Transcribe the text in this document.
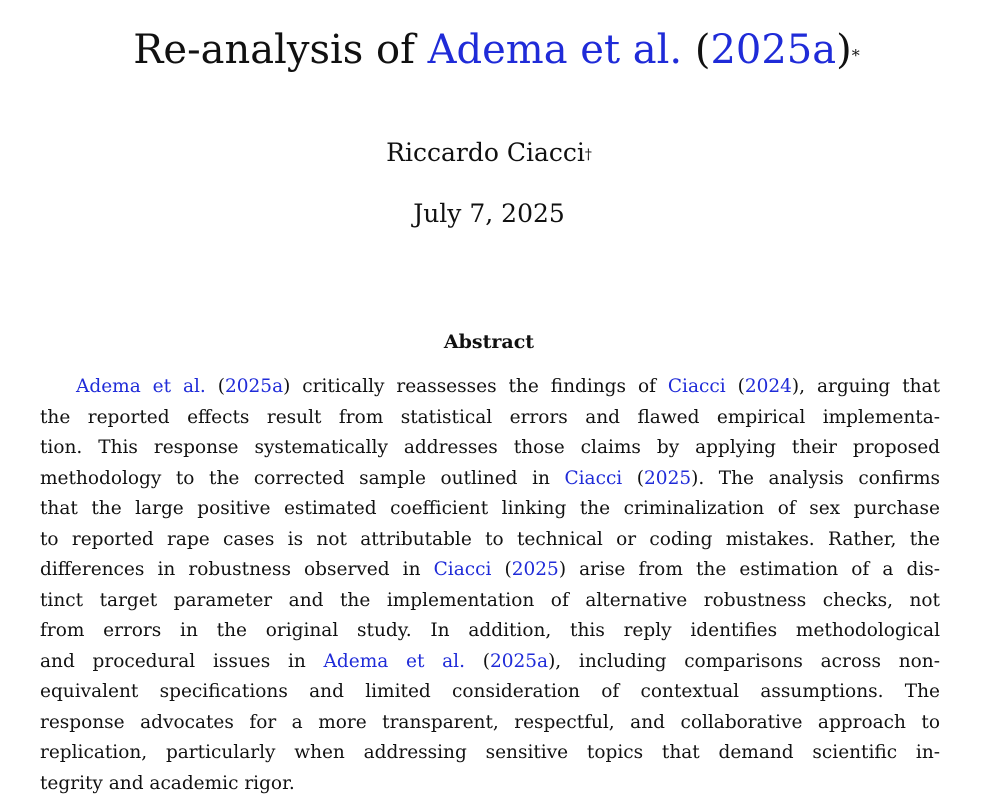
Re-analysis of Adema et al. (2025a)*
Riccardo Ciacci†
July 7, 2025
Abstract
Adema et al. (2025a) critically reassesses the findings of Ciacci (2024), arguing that
the reported effects result from statistical errors and flawed empirical implementa-
tion. This response systematically addresses those claims by applying their proposed
methodology to the corrected sample outlined in Ciacci (2025). The analysis confirms
that the large positive estimated coefficient linking the criminalization of sex purchase
to reported rape cases is not attributable to technical or coding mistakes. Rather, the
differences in robustness observed in Ciacci (2025) arise from the estimation of a dis-
tinct target parameter and the implementation of alternative robustness checks, not
from errors in the original study. In addition, this reply identifies methodological
and procedural issues in Adema et al. (2025a), including comparisons across non-
equivalent specifications and limited consideration of contextual assumptions. The
response advocates for a more transparent, respectful, and collaborative approach to
replication, particularly when addressing sensitive topics that demand scientific in-
tegrity and academic rigor.
